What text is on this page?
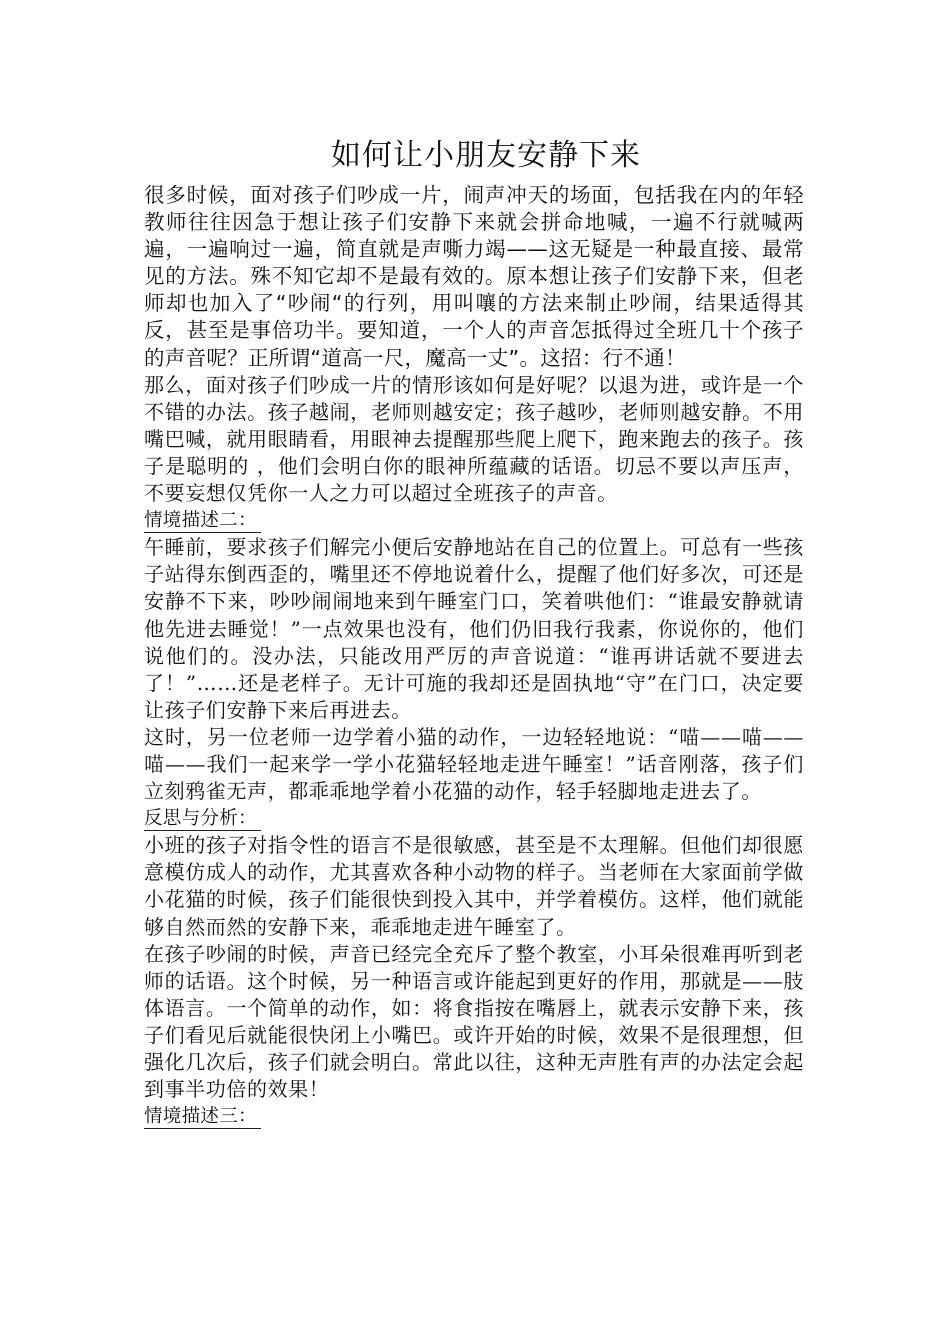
如何让小朋友安静下来

很多时候，面对孩子们吵成一片，闹声冲天的场面，包括我在内的年轻教师往往因急于想让孩子们安静下来就会拼命地喊，一遍不行就喊两遍，一遍响过一遍，简直就是声嘶力竭——这无疑是一种最直接、最常见的方法。殊不知它却不是最有效的。原本想让孩子们安静下来，但老师却也加入了“吵闹“的行列，用叫嚷的方法来制止吵闹，结果适得其反，甚至是事倍功半。要知道，一个人的声音怎抵得过全班几十个孩子的声音呢？正所谓“道高一尺，魔高一丈”。这招：行不通！

那么，面对孩子们吵成一片的情形该如何是好呢？以退为进，或许是一个不错的办法。孩子越闹，老师则越安定；孩子越吵，老师则越安静。不用嘴巴喊，就用眼睛看，用眼神去提醒那些爬上爬下，跑来跑去的孩子。孩子是聪明的 ，他们会明白你的眼神所蕴藏的话语。切忌不要以声压声，不要妄想仅凭你一人之力可以超过全班孩子的声音。

情境描述二：

午睡前，要求孩子们解完小便后安静地站在自己的位置上。可总有一些孩子站得东倒西歪的，嘴里还不停地说着什么，提醒了他们好多次，可还是安静不下来，吵吵闹闹地来到午睡室门口，笑着哄他们：“谁最安静就请他先进去睡觉！”一点效果也没有，他们仍旧我行我素，你说你的，他们说他们的。没办法，只能改用严厉的声音说道：“谁再讲话就不要进去了！”……还是老样子。无计可施的我却还是固执地“守”在门口，决定要让孩子们安静下来后再进去。

这时，另一位老师一边学着小猫的动作，一边轻轻地说：“喵——喵——喵——我们一起来学一学小花猫轻轻地走进午睡室！”话音刚落，孩子们立刻鸦雀无声，都乖乖地学着小花猫的动作，轻手轻脚地走进去了。

反思与分析：

小班的孩子对指令性的语言不是很敏感，甚至是不太理解。但他们却很愿意模仿成人的动作，尤其喜欢各种小动物的样子。当老师在大家面前学做小花猫的时候，孩子们能很快到投入其中，并学着模仿。这样，他们就能够自然而然的安静下来，乖乖地走进午睡室了。

在孩子吵闹的时候，声音已经完全充斥了整个教室，小耳朵很难再听到老师的话语。这个时候，另一种语言或许能起到更好的作用，那就是——肢体语言。一个简单的动作，如：将食指按在嘴唇上，就表示安静下来，孩子们看见后就能很快闭上小嘴巴。或许开始的时候，效果不是很理想，但强化几次后，孩子们就会明白。常此以往，这种无声胜有声的办法定会起到事半功倍的效果！

情境描述三：
